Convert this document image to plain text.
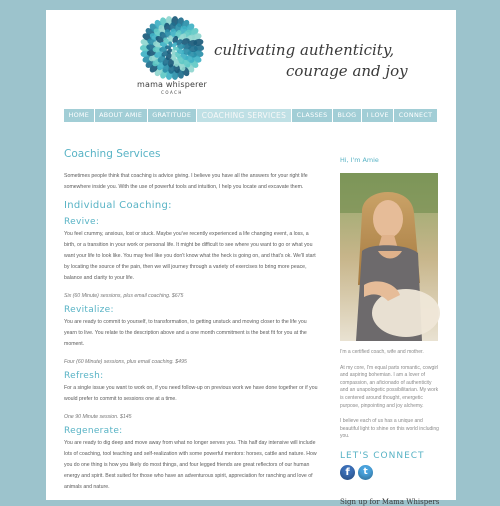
mama whisperer
COACH
cultivating authenticity,
courage and joy
HOME	ABOUT AMIE	GRATITUDE	COACHING SERVICES	CLASSES	BLOG	I LOVE	CONNECT
Coaching Services

Sometimes people think that coaching is advice giving. I believe you have all the answers for your right life somewhere inside you. With the use of powerful tools and intuition, I help you locate and excavate them.

Individual Coaching:
Revive:

You feel crummy, anxious, lost or stuck. Maybe you've recently experienced a life changing event, a loss, a birth, or a transition in your work or personal life. It might be difficult to see where you want to go or what you want your life to look like. You may feel like you don't know what the heck is going on, and that's ok. We'll start by locating the source of the pain, then we will journey through a variety of exercises to bring more peace, balance and clarity to your life.

Six (60 Minute) sessions, plus email coaching. $675

Revitalize:

You are ready to commit to yourself, to transformation, to getting unstuck and moving closer to the life you yearn to live. You relate to the description above and a one month commitment is the best fit for you at the moment.

Four (60 Minute) sessions, plus email coaching. $495

Refresh:

For a single issue you want to work on, if you need follow-up on previous work we have done together or if you would prefer to commit to sessions one at a time.

One 90 Minute session. $145

Regenerate:

You are ready to dig deep and move away from what no longer serves you. This half day intensive will include lots of coaching, tool teaching and self-realization with some powerful mentors: horses, cattle and nature. How you do one thing is how you likely do most things, and four legged friends are great reflectors of our human energy and spirit. Best suited for those who have an adventurous spirit, appreciation for ranching and love of animals and nature.

Hi, I'm Amie

I'm a certified coach, wife and mother.

At my core, I'm equal parts romantic, cowgirl and aspiring bohemian. I am a lover of compassion, an aficionado of authenticity and an unapologetic possibilitarian. My work is centered around thought, energetic purpose, pinpointing and joy alchemy.

I believe each of us has a unique and beautiful light to shine on this world including you.

LET'S CONNECT
f	t
Sign up for Mama Whispers
